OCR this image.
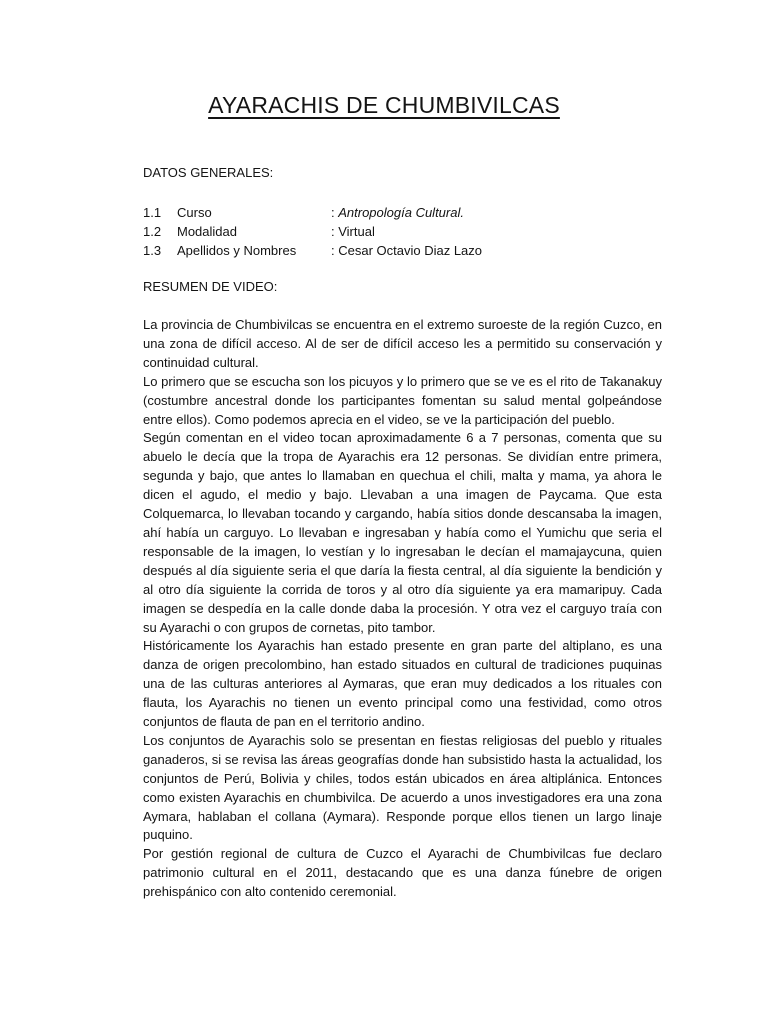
AYARACHIS DE CHUMBIVILCAS
DATOS GENERALES:
1.1 Curso	: Antropología Cultural.
1.2 Modalidad	: Virtual
1.3 Apellidos y Nombres	: Cesar Octavio Diaz Lazo
RESUMEN DE VIDEO:

La provincia de Chumbivilcas se encuentra en el extremo suroeste de la región Cuzco, en una zona de difícil acceso. Al de ser de difícil acceso les a permitido su conservación y continuidad cultural.

Lo primero que se escucha son los picuyos y lo primero que se ve es el rito de Takanakuy (costumbre ancestral donde los participantes fomentan su salud mental golpeándose entre ellos). Como podemos aprecia en el video, se ve la participación del pueblo.

Según comentan en el video tocan aproximadamente 6 a 7 personas, comenta que su abuelo le decía que la tropa de Ayarachis era 12 personas. Se dividían entre primera, segunda y bajo, que antes lo llamaban en quechua el chili, malta y mama, ya ahora le dicen el agudo, el medio y bajo. Llevaban a una imagen de Paycama. Que esta Colquemarca, lo llevaban tocando y cargando, había sitios donde descansaba la imagen, ahí había un carguyo. Lo llevaban e ingresaban y había como el Yumichu que seria el responsable de la imagen, lo vestían y lo ingresaban le decían el mamajaycuna, quien después al día siguiente seria el que daría la fiesta central, al día siguiente la bendición y al otro día siguiente la corrida de toros y al otro día siguiente ya era mamaripuy. Cada imagen se despedía en la calle donde daba la procesión. Y otra vez el carguyo traía con su Ayarachi o con grupos de cornetas, pito tambor.

Históricamente los Ayarachis han estado presente en gran parte del altiplano, es una danza de origen precolombino, han estado situados en cultural de tradiciones puquinas una de las culturas anteriores al Aymaras, que eran muy dedicados a los rituales con flauta, los Ayarachis no tienen un evento principal como una festividad, como otros conjuntos de flauta de pan en el territorio andino.

Los conjuntos de Ayarachis solo se presentan en fiestas religiosas del pueblo y rituales ganaderos, si se revisa las áreas geografías donde han subsistido hasta la actualidad, los conjuntos de Perú, Bolivia y chiles, todos están ubicados en área altiplánica. Entonces como existen Ayarachis en chumbivilca. De acuerdo a unos investigadores era una zona Aymara, hablaban el collana (Aymara). Responde porque ellos tienen un largo linaje puquino.

Por gestión regional de cultura de Cuzco el Ayarachi de Chumbivilcas fue declaro patrimonio cultural en el 2011, destacando que es una danza fúnebre de origen prehispánico con alto contenido ceremonial.
